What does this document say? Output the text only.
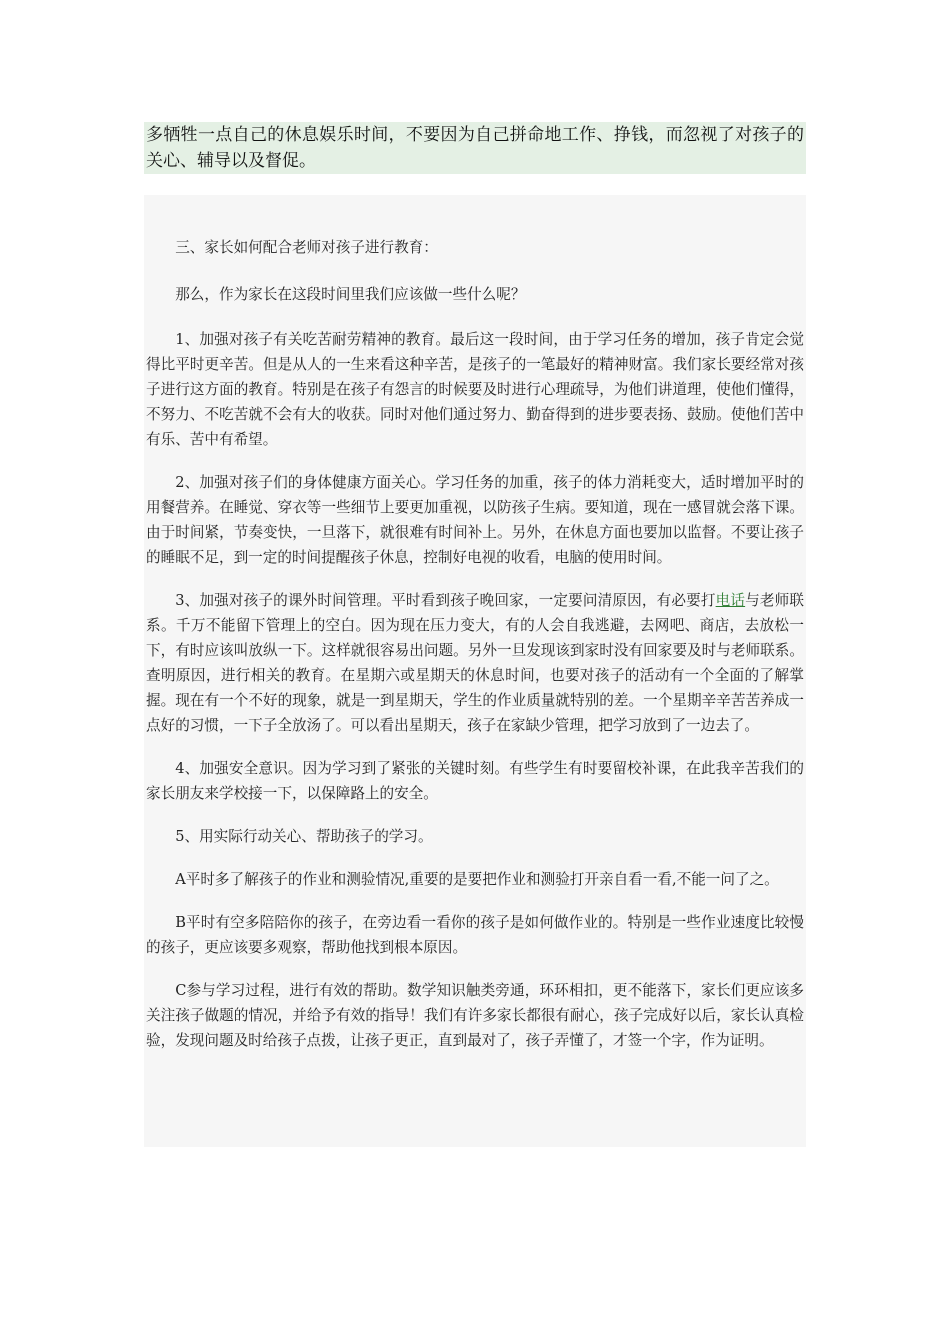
多牺牲一点自己的休息娱乐时间，不要因为自己拼命地工作、挣钱，而忽视了对孩子的关心、辅导以及督促。

三、家长如何配合老师对孩子进行教育：

那么，作为家长在这段时间里我们应该做一些什么呢？

1、加强对孩子有关吃苦耐劳精神的教育。最后这一段时间，由于学习任务的增加，孩子肯定会觉得比平时更辛苦。但是从人的一生来看这种辛苦，是孩子的一笔最好的精神财富。我们家长要经常对孩子进行这方面的教育。特别是在孩子有怨言的时候要及时进行心理疏导，为他们讲道理，使他们懂得，不努力、不吃苦就不会有大的收获。同时对他们通过努力、勤奋得到的进步要表扬、鼓励。使他们苦中有乐、苦中有希望。

2、加强对孩子们的身体健康方面关心。学习任务的加重，孩子的体力消耗变大，适时增加平时的用餐营养。在睡觉、穿衣等一些细节上要更加重视，以防孩子生病。要知道，现在一感冒就会落下课。由于时间紧，节奏变快，一旦落下，就很难有时间补上。另外，在休息方面也要加以监督。不要让孩子的睡眠不足，到一定的时间提醒孩子休息，控制好电视的收看，电脑的使用时间。

3、加强对孩子的课外时间管理。平时看到孩子晚回家，一定要问清原因，有必要打电话与老师联系。千万不能留下管理上的空白。因为现在压力变大，有的人会自我逃避，去网吧、商店，去放松一下，有时应该叫放纵一下。这样就很容易出问题。另外一旦发现该到家时没有回家要及时与老师联系。查明原因，进行相关的教育。在星期六或星期天的休息时间，也要对孩子的活动有一个全面的了解掌握。现在有一个不好的现象，就是一到星期天，学生的作业质量就特别的差。一个星期辛辛苦苦养成一点好的习惯，一下子全放汤了。可以看出星期天，孩子在家缺少管理，把学习放到了一边去了。

4、加强安全意识。因为学习到了紧张的关键时刻。有些学生有时要留校补课，在此我辛苦我们的家长朋友来学校接一下，以保障路上的安全。

5、用实际行动关心、帮助孩子的学习。

A平时多了解孩子的作业和测验情况,重要的是要把作业和测验打开亲自看一看,不能一问了之。

B平时有空多陪陪你的孩子，在旁边看一看你的孩子是如何做作业的。特别是一些作业速度比较慢的孩子，更应该要多观察，帮助他找到根本原因。

C参与学习过程，进行有效的帮助。数学知识触类旁通，环环相扣，更不能落下，家长们更应该多关注孩子做题的情况，并给予有效的指导！我们有许多家长都很有耐心，孩子完成好以后，家长认真检验，发现问题及时给孩子点拨，让孩子更正，直到最对了，孩子弄懂了，才签一个字，作为证明。
